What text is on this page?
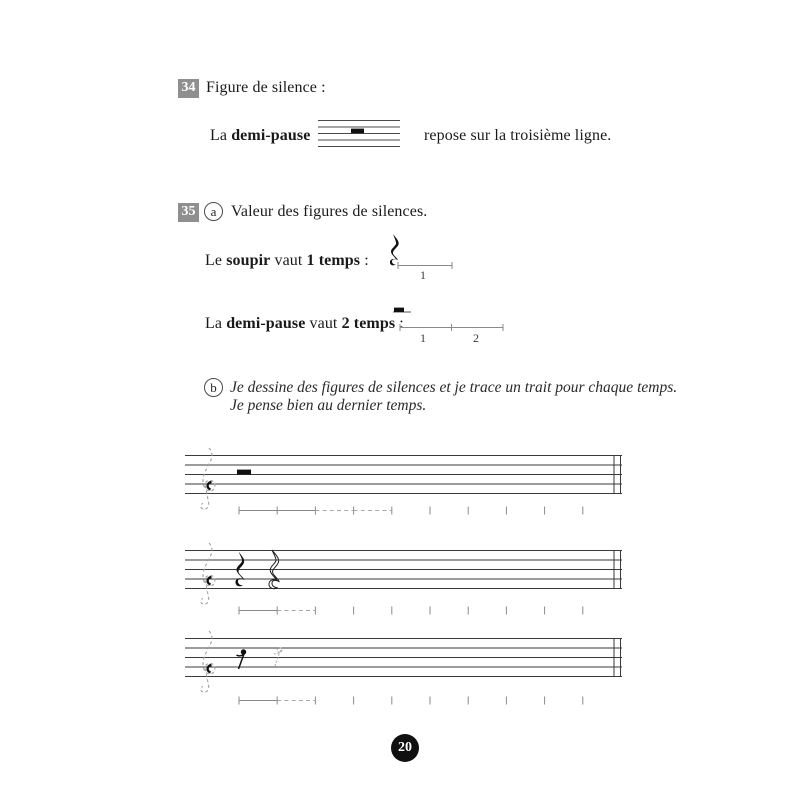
34 Figure de silence :
La demi-pause	repose sur la troisième ligne.
35	a Valeur des figures de silences.
Le soupir vaut 1 temps :
1
La demi-pause vaut 2 temps :
1	2
b Je dessine des figures de silences et je trace un trait pour chaque temps.
Je pense bien au dernier temps.
20
